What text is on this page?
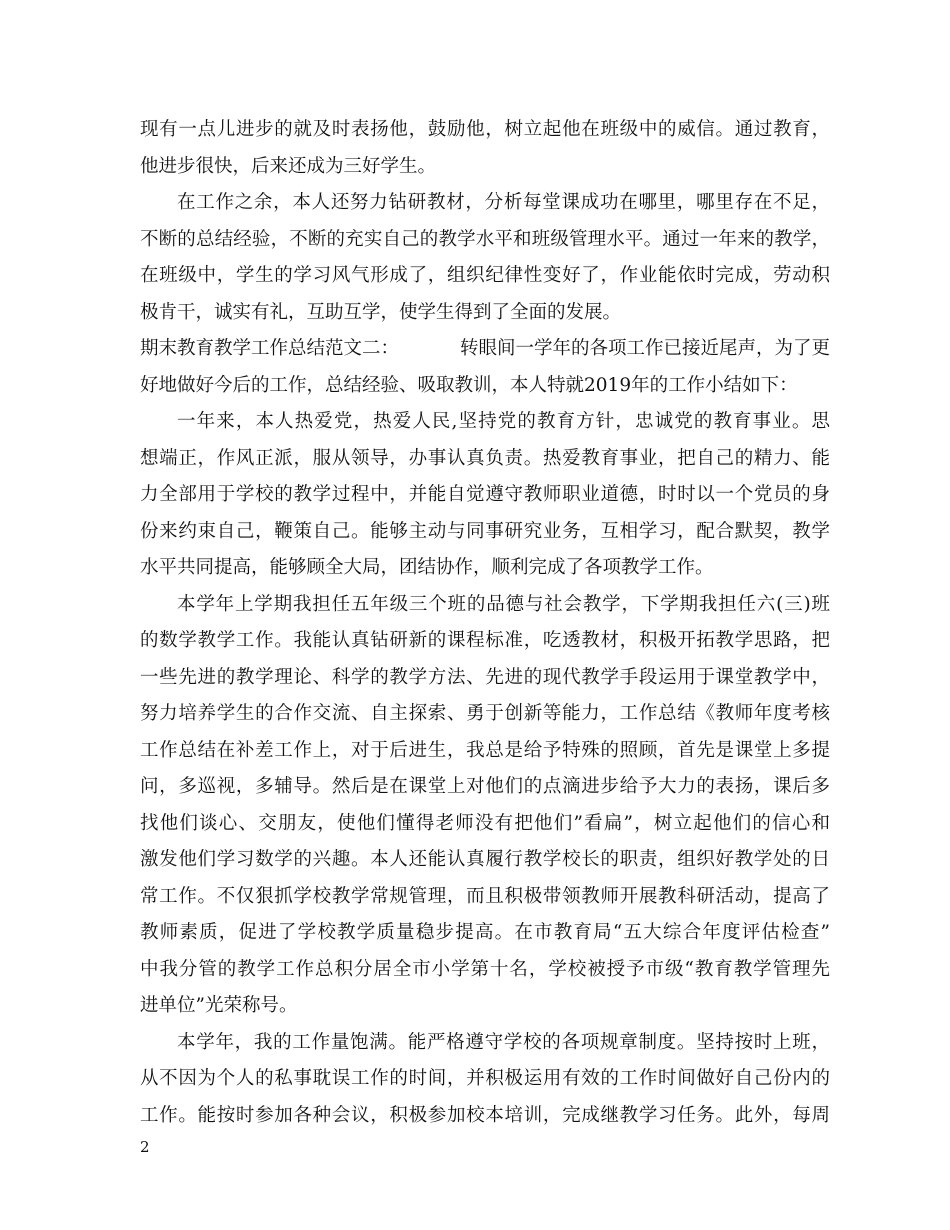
现有一点儿进步的就及时表扬他，鼓励他，树立起他在班级中的威信。通过教育，
他进步很快，后来还成为三好学生。
在工作之余，本人还努力钻研教材，分析每堂课成功在哪里，哪里存在不足，
不断的总结经验，不断的充实自己的教学水平和班级管理水平。通过一年来的教学，
在班级中，学生的学习风气形成了，组织纪律性变好了，作业能依时完成，劳动积
极肯干，诚实有礼，互助互学，使学生得到了全面的发展。
期末教育教学工作总结范文二：	转眼间一学年的各项工作已接近尾声，为了更
好地做好今后的工作，总结经验、吸取教训，本人特就2019年的工作小结如下：
一年来，本人热爱党，热爱人民,坚持党的教育方针，忠诚党的教育事业。思
想端正，作风正派，服从领导，办事认真负责。热爱教育事业，把自己的精力、能
力全部用于学校的教学过程中，并能自觉遵守教师职业道德，时时以一个党员的身
份来约束自己，鞭策自己。能够主动与同事研究业务，互相学习，配合默契，教学
水平共同提高，能够顾全大局，团结协作，顺利完成了各项教学工作。
本学年上学期我担任五年级三个班的品德与社会教学，下学期我担任六(三)班
的数学教学工作。我能认真钻研新的课程标准，吃透教材，积极开拓教学思路，把
一些先进的教学理论、科学的教学方法、先进的现代教学手段运用于课堂教学中，
努力培养学生的合作交流、自主探索、勇于创新等能力，工作总结《教师年度考核
工作总结在补差工作上，对于后进生，我总是给予特殊的照顾，首先是课堂上多提
问，多巡视，多辅导。然后是在课堂上对他们的点滴进步给予大力的表扬，课后多
找他们谈心、交朋友，使他们懂得老师没有把他们”看扁”，树立起他们的信心和
激发他们学习数学的兴趣。本人还能认真履行教学校长的职责，组织好教学处的日
常工作。不仅狠抓学校教学常规管理，而且积极带领教师开展教科研活动，提高了
教师素质，促进了学校教学质量稳步提高。在市教育局“五大综合年度评估检查”
中我分管的教学工作总积分居全市小学第十名，学校被授予市级“教育教学管理先
进单位”光荣称号。
本学年，我的工作量饱满。能严格遵守学校的各项规章制度。坚持按时上班，
从不因为个人的私事耽误工作的时间，并积极运用有效的工作时间做好自己份内的
工作。能按时参加各种会议，积极参加校本培训，完成继教学习任务。此外，每周
2
